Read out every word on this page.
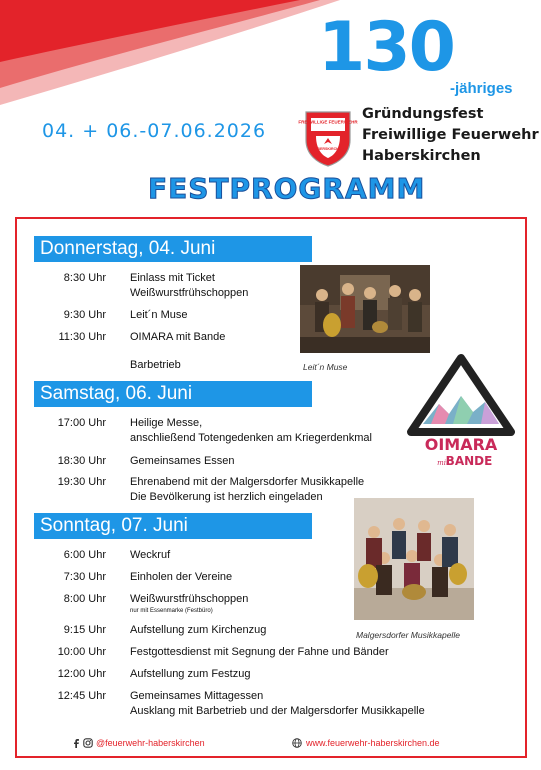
130
-jähriges
FREIWILLIGE FEUERWEHR
HABERSKIRCHEN
Gründungsfest
Freiwillige Feuerwehr
Haberskirchen
04. + 06.-07.06.2026
FESTPROGRAMM
Donnerstag, 04. Juni
Samstag, 06. Juni
Sonntag, 07. Juni
8:30 Uhr Einlass mit Ticket
Weißwurstfrühschoppen
9:30 Uhr Leit´n Muse
11:30 Uhr OIMARA mit Bande
Barbetrieb
17:00 Uhr Heilige Messe,
anschließend Totengedenken am Kriegerdenkmal
18:30 Uhr Gemeinsames Essen
19:30 Uhr Ehrenabend mit der Malgersdorfer Musikkapelle
Die Bevölkerung ist herzlich eingeladen
6:00 Uhr Weckruf
7:30 Uhr Einholen der Vereine
8:00 Uhr Weißwurstfrühschoppen
nur mit Essenmarke (Festbüro)
9:15 Uhr Aufstellung zum Kirchenzug
10:00 Uhr Festgottesdienst mit Segnung der Fahne und Bänder
12:00 Uhr Aufstellung zum Festzug
12:45 Uhr Gemeinsames Mittagessen
Ausklang mit Barbetrieb und der Malgersdorfer Musikkapelle
Leit´n Muse
OIMARA
mit
BANDE
Malgersdorfer Musikkapelle
@feuerwehr-haberskirchen	www.feuerwehr-haberskirchen.de
